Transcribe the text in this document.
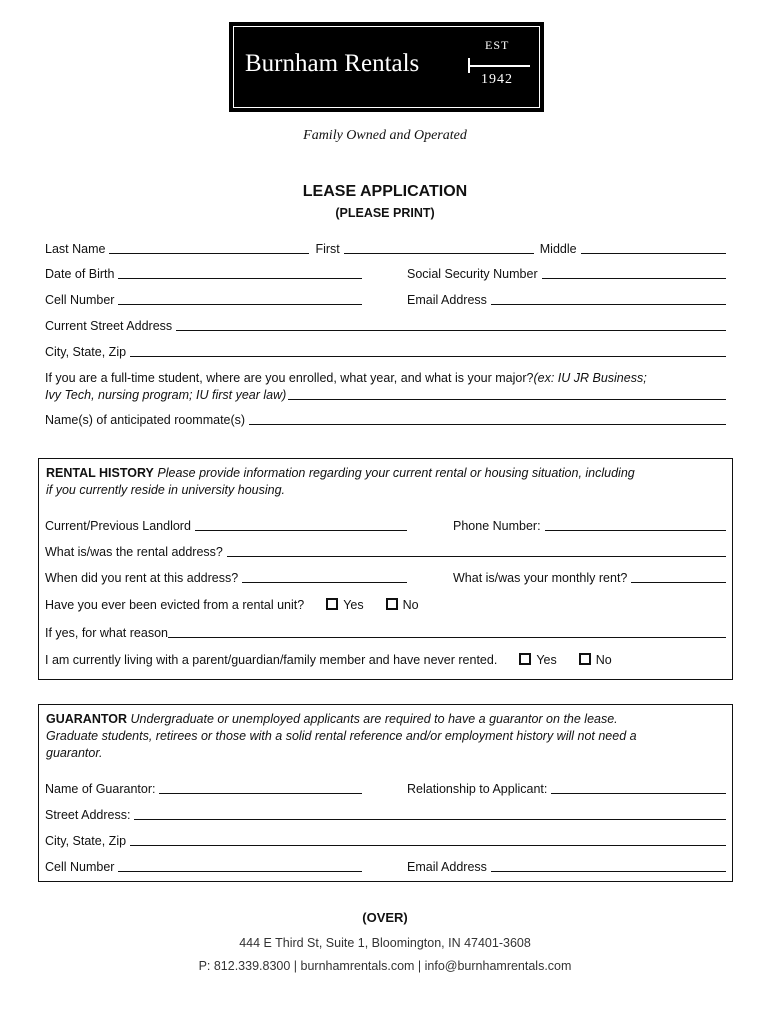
Burnham Rentals
EST
1942
Family Owned and Operated
LEASE APPLICATION
(PLEASE PRINT)
Last Name	First	Middle
Date of Birth	Social Security Number
Cell Number	Email Address
Current Street Address
City, State, Zip
If you are a full-time student, where are you enrolled, what year, and what is your major? (ex: IU JR Business;
Ivy Tech, nursing program; IU first year law)
Name(s) of anticipated roommate(s)
RENTAL HISTORY Please provide information regarding your current rental or housing situation, including
if you currently reside in university housing.
Current/Previous Landlord	Phone Number:
What is/was the rental address?
When did you rent at this address?	What is/was your monthly rent?
Have you ever been evicted from a rental unit?	Yes	No
If yes, for what reason
I am currently living with a parent/guardian/family member and have never rented.	Yes	No
GUARANTOR Undergraduate or unemployed applicants are required to have a guarantor on the lease.
Graduate students, retirees or those with a solid rental reference and/or employment history will not need a
guarantor.
Name of Guarantor:	Relationship to Applicant:
Street Address:
City, State, Zip
Cell Number	Email Address
(OVER)
444 E Third St, Suite 1, Bloomington, IN 47401-3608
P: 812.339.8300 | burnhamrentals.com | info@burnhamrentals.com
